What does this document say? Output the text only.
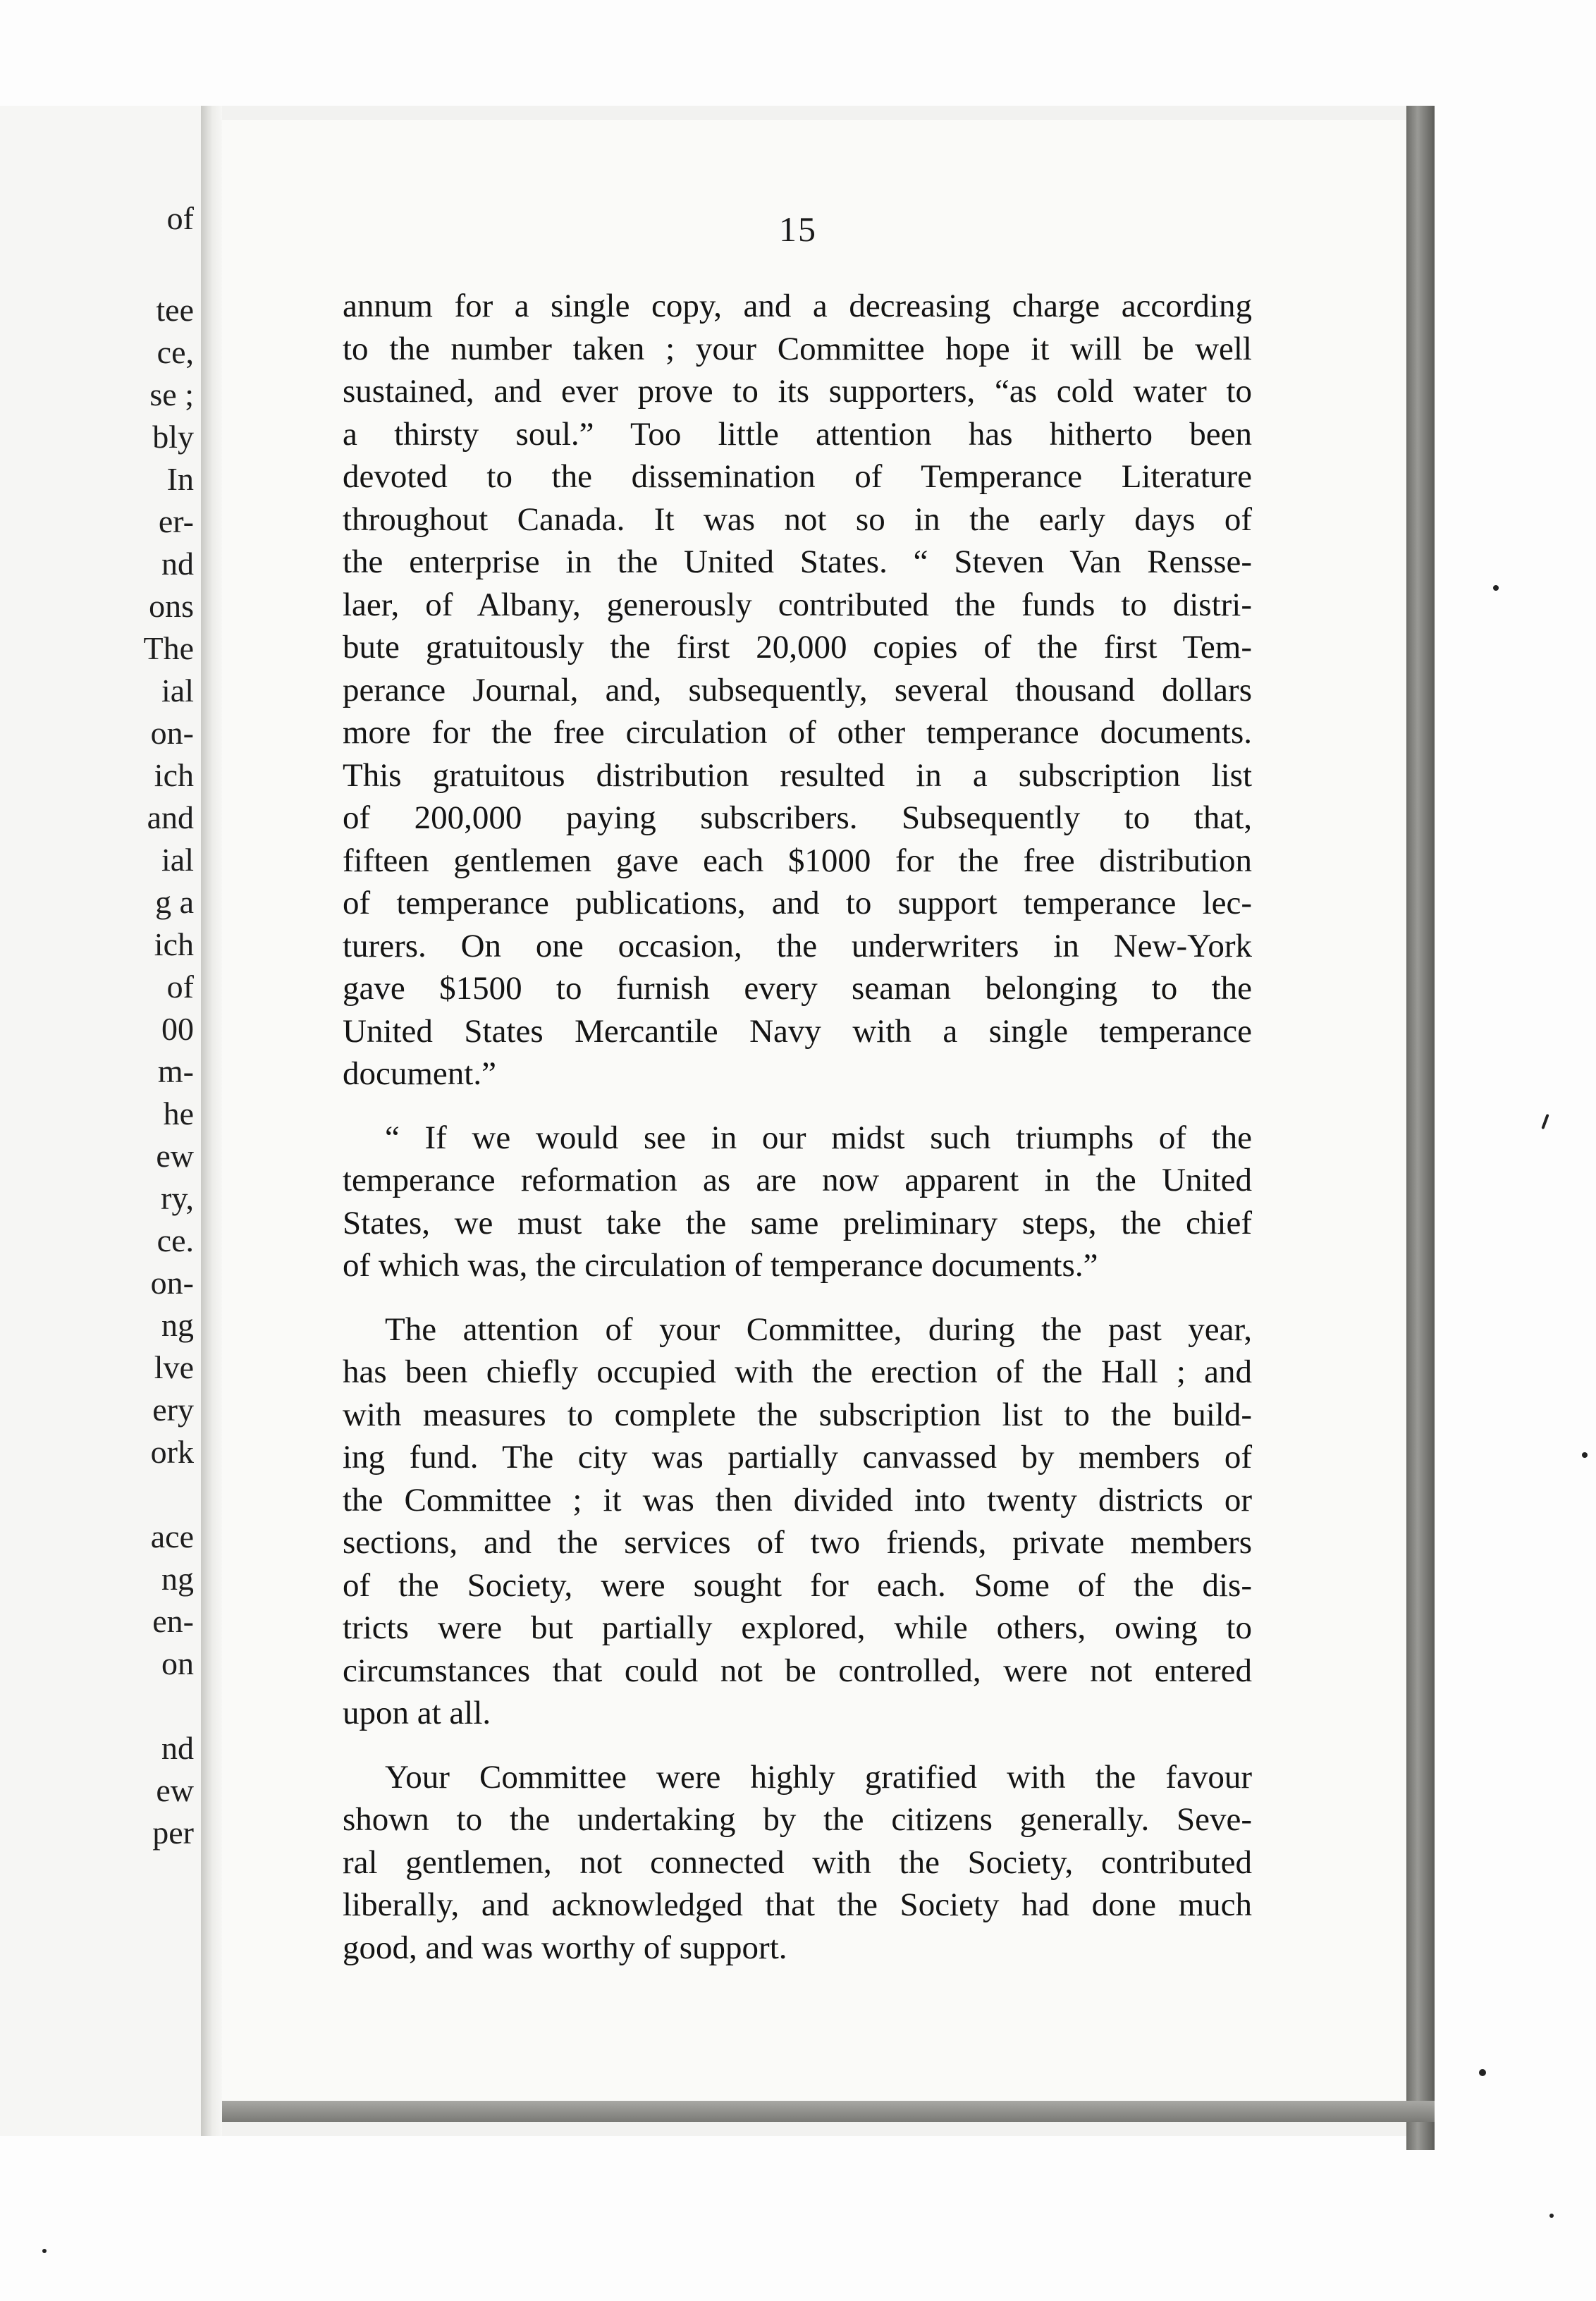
of
tee
ce,
se ;
bly
In
er-
nd
ons
The
ial
on-
ich
and
ial
g a
ich
of
00
m-
he
ew
ry,
ce.
on-
ng
lve
ery
ork
ace
ng
en-
on
nd
ew
per
15
annum for a single copy, and a decreasing charge according
to the number taken ; your Committee hope it will be well
sustained, and ever prove to its supporters, “as cold water to
a thirsty soul.” Too little attention has hitherto been
devoted to the dissemination of Temperance Literature
throughout Canada. It was not so in the early days of
the enterprise in the United States. “ Steven Van Rensse-
laer, of Albany, generously contributed the funds to distri-
bute gratuitously the first 20,000 copies of the first Tem-
perance Journal, and, subsequently, several thousand dollars
more for the free circulation of other temperance documents.
This gratuitous distribution resulted in a subscription list
of 200,000 paying subscribers. Subsequently to that,
fifteen gentlemen gave each $1000 for the free distribution
of temperance publications, and to support temperance lec-
turers. On one occasion, the underwriters in New-York
gave $1500 to furnish every seaman belonging to the
United States Mercantile Navy with a single temperance
document.”
“ If we would see in our midst such triumphs of the
temperance reformation as are now apparent in the United
States, we must take the same preliminary steps, the chief
of which was, the circulation of temperance documents.”
The attention of your Committee, during the past year,
has been chiefly occupied with the erection of the Hall ; and
with measures to complete the subscription list to the build-
ing fund. The city was partially canvassed by members of
the Committee ; it was then divided into twenty districts or
sections, and the services of two friends, private members
of the Society, were sought for each. Some of the dis-
tricts were but partially explored, while others, owing to
circumstances that could not be controlled, were not entered
upon at all.
Your Committee were highly gratified with the favour
shown to the undertaking by the citizens generally. Seve-
ral gentlemen, not connected with the Society, contributed
liberally, and acknowledged that the Society had done much
good, and was worthy of support.
